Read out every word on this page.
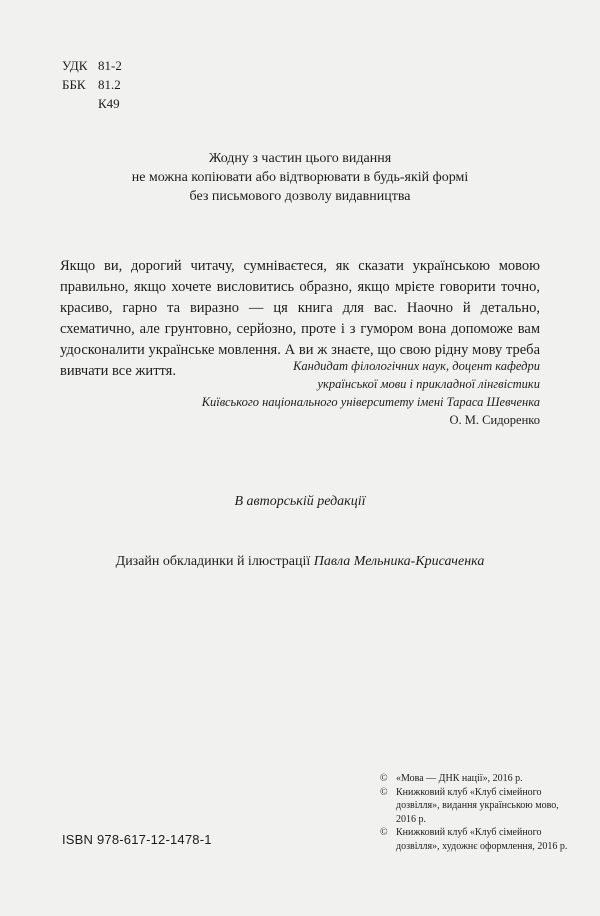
УДК 81-2
ББК 81.2
К49
Жодну з частин цього видання
не можна копіювати або відтворювати в будь-якій формі
без письмового дозволу видавництва
Якщо ви, дорогий читачу, сумніваєтеся, як сказати українською мовою правильно, якщо хочете висловитись образно, якщо мрієте говорити точно, красиво, гарно та виразно — ця книга для вас. Наочно й детально, схематично, але грунтовно, серйозно, проте і з гумором вона допоможе вам удосконалити українське мовлення. А ви ж знаєте, що свою рідну мову треба вивчати все життя.	Кандидат філологічних наук, доцент кафедри
української мови і прикладної лінгвістики
Київського національного університету імені Тараса Шевченка
О. М. Сидоренко
В авторській редакції
Дизайн обкладинки й ілюстрації Павла Мельника-Крисаченка
© «Мова — ДНК нації», 2016 р.
© Книжковий клуб «Клуб сімейного дозвілля», видання українською мово, 2016 р.
© Книжковий клуб «Клуб сімейного дозвілля», художнє оформлення, 2016 р.
ISBN 978-617-12-1478-1
